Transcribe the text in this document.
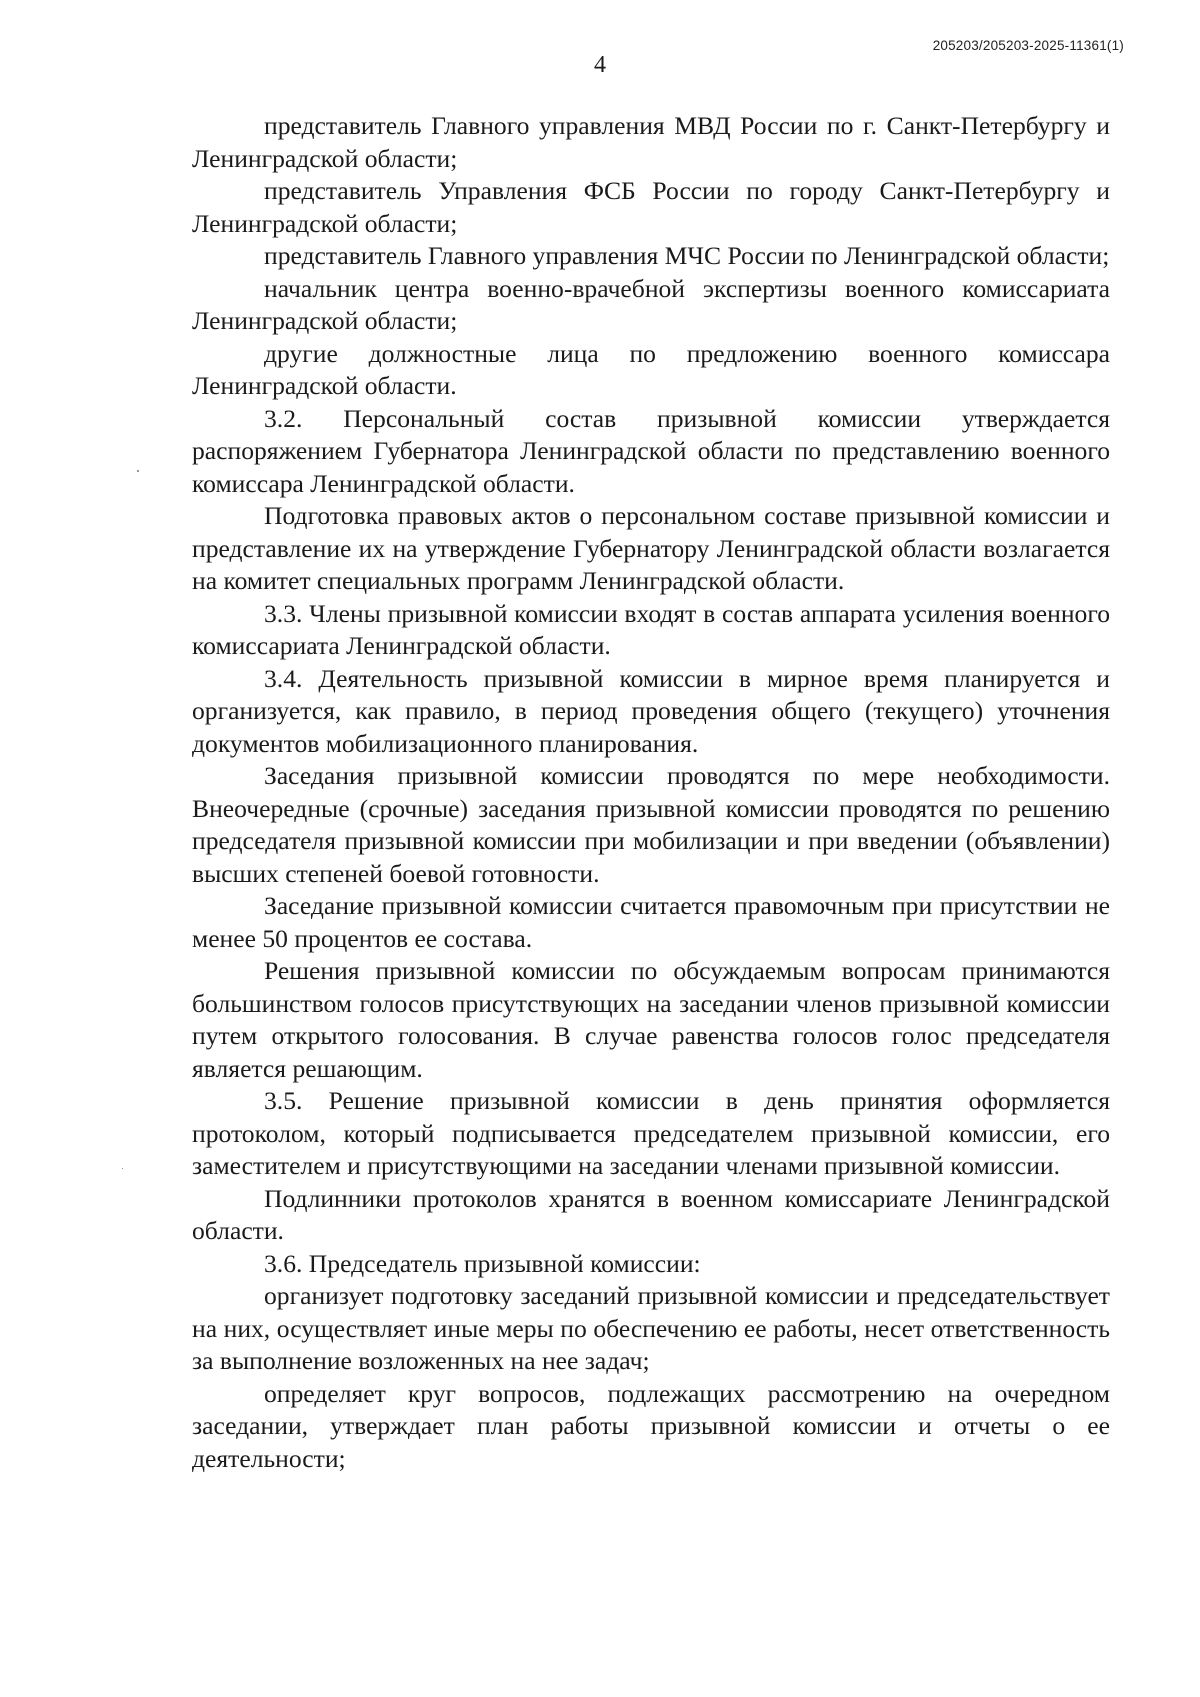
205203/205203-2025-11361(1)
4

представитель Главного управления МВД России по г. Санкт-Петербургу и Ленинградской области;

представитель Управления ФСБ России по городу Санкт-Петербургу и Ленинградской области;

представитель Главного управления МЧС России по Ленинградской области;

начальник центра военно-врачебной экспертизы военного комиссариата Ленинградской области;

другие должностные лица по предложению военного комиссара Ленинградской области.

3.2. Персональный состав призывной комиссии утверждается распоряжением Губернатора Ленинградской области по представлению военного комиссара Ленинградской области.

Подготовка правовых актов о персональном составе призывной комиссии и представление их на утверждение Губернатору Ленинградской области возлагается на комитет специальных программ Ленинградской области.

3.3. Члены призывной комиссии входят в состав аппарата усиления военного комиссариата Ленинградской области.

3.4. Деятельность призывной комиссии в мирное время планируется и организуется, как правило, в период проведения общего (текущего) уточнения документов мобилизационного планирования.

Заседания призывной комиссии проводятся по мере необходимости. Внеочередные (срочные) заседания призывной комиссии проводятся по решению председателя призывной комиссии при мобилизации и при введении (объявлении) высших степеней боевой готовности.

Заседание призывной комиссии считается правомочным при присутствии не менее 50 процентов ее состава.

Решения призывной комиссии по обсуждаемым вопросам принимаются большинством голосов присутствующих на заседании членов призывной комиссии путем открытого голосования. В случае равенства голосов голос председателя является решающим.

3.5. Решение призывной комиссии в день принятия оформляется протоколом, который подписывается председателем призывной комиссии, его заместителем и присутствующими на заседании членами призывной комиссии.

Подлинники протоколов хранятся в военном комиссариате Ленинградской области.

3.6. Председатель призывной комиссии:

организует подготовку заседаний призывной комиссии и председательствует на них, осуществляет иные меры по обеспечению ее работы, несет ответственность за выполнение возложенных на нее задач;

определяет круг вопросов, подлежащих рассмотрению на очередном заседании, утверждает план работы призывной комиссии и отчеты о ее деятельности;
